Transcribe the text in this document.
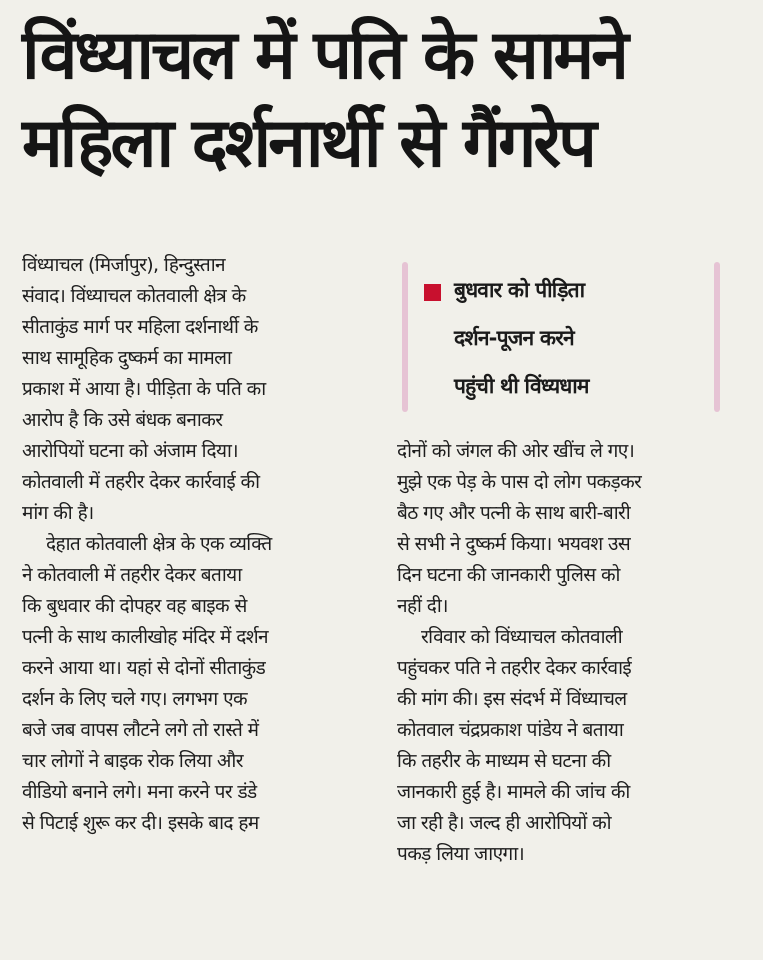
विंध्याचल में पति के सामने
महिला दर्शनार्थी से गैंगरेप
विंध्याचल (मिर्जापुर), हिन्दुस्तान
संवाद। विंध्याचल कोतवाली क्षेत्र के
सीताकुंड मार्ग पर महिला दर्शनार्थी के
साथ सामूहिक दुष्कर्म का मामला
प्रकाश में आया है। पीड़िता के पति का
आरोप है कि उसे बंधक बनाकर
आरोपियों घटना को अंजाम दिया।
कोतवाली में तहरीर देकर कार्रवाई की
मांग की है।
देहात कोतवाली क्षेत्र के एक व्यक्ति
ने कोतवाली में तहरीर देकर बताया
कि बुधवार की दोपहर वह बाइक से
पत्नी के साथ कालीखोह मंदिर में दर्शन
करने आया था। यहां से दोनों सीताकुंड
दर्शन के लिए चले गए। लगभग एक
बजे जब वापस लौटने लगे तो रास्ते में
चार लोगों ने बाइक रोक लिया और
वीडियो बनाने लगे। मना करने पर डंडे
से पिटाई शुरू कर दी। इसके बाद हम
बुधवार को पीड़िता
दर्शन-पूजन करने
पहुंची थी विंध्यधाम
दोनों को जंगल की ओर खींच ले गए।
मुझे एक पेड़ के पास दो लोग पकड़कर
बैठ गए और पत्नी के साथ बारी-बारी
से सभी ने दुष्कर्म किया। भयवश उस
दिन घटना की जानकारी पुलिस को
नहीं दी।
रविवार को विंध्याचल कोतवाली
पहुंचकर पति ने तहरीर देकर कार्रवाई
की मांग की। इस संदर्भ में विंध्याचल
कोतवाल चंद्रप्रकाश पांडेय ने बताया
कि तहरीर के माध्यम से घटना की
जानकारी हुई है। मामले की जांच की
जा रही है। जल्द ही आरोपियों को
पकड़ लिया जाएगा।
